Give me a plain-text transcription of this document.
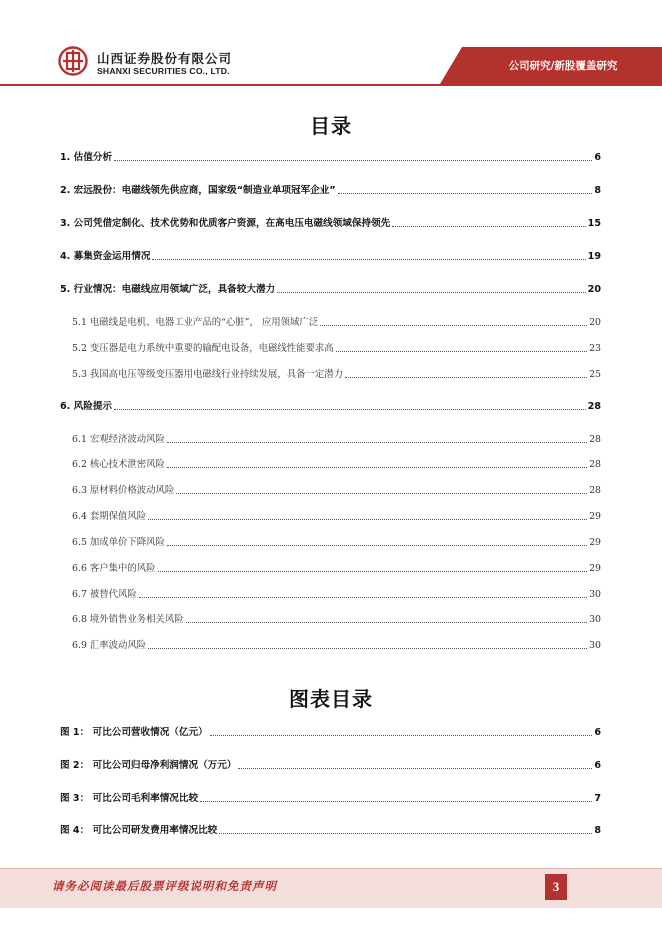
山西证券股份有限公司
SHANXI SECURITIES CO., LTD.	公司研究/新股覆盖研究
目录
1. 估值分析	6
2. 宏远股份：电磁线领先供应商，国家级“制造业单项冠军企业”	8
3. 公司凭借定制化、技术优势和优质客户资源，在高电压电磁线领域保持领先	15
4. 募集资金运用情况	19
5. 行业情况：电磁线应用领域广泛，具备较大潜力	20
5.1 电磁线是电机、电器工业产品的“心脏”， 应用领域广泛	20
5.2 变压器是电力系统中重要的输配电设备，电磁线性能要求高	23
5.3 我国高电压等级变压器用电磁线行业持续发展，具备一定潜力	25
6. 风险提示	28
6.1 宏观经济波动风险	28
6.2 核心技术泄密风险	28
6.3 原材料价格波动风险	28
6.4 套期保值风险	29
6.5 加成单价下降风险	29
6.6 客户集中的风险	29
6.7 被替代风险	30
6.8 境外销售业务相关风险	30
6.9 汇率波动风险	30
图表目录
图 1： 可比公司营收情况（亿元）	6
图 2： 可比公司归母净利润情况（万元）	6
图 3： 可比公司毛利率情况比较	7
图 4： 可比公司研发费用率情况比较	8
请务必阅读最后股票评级说明和免责声明	3
